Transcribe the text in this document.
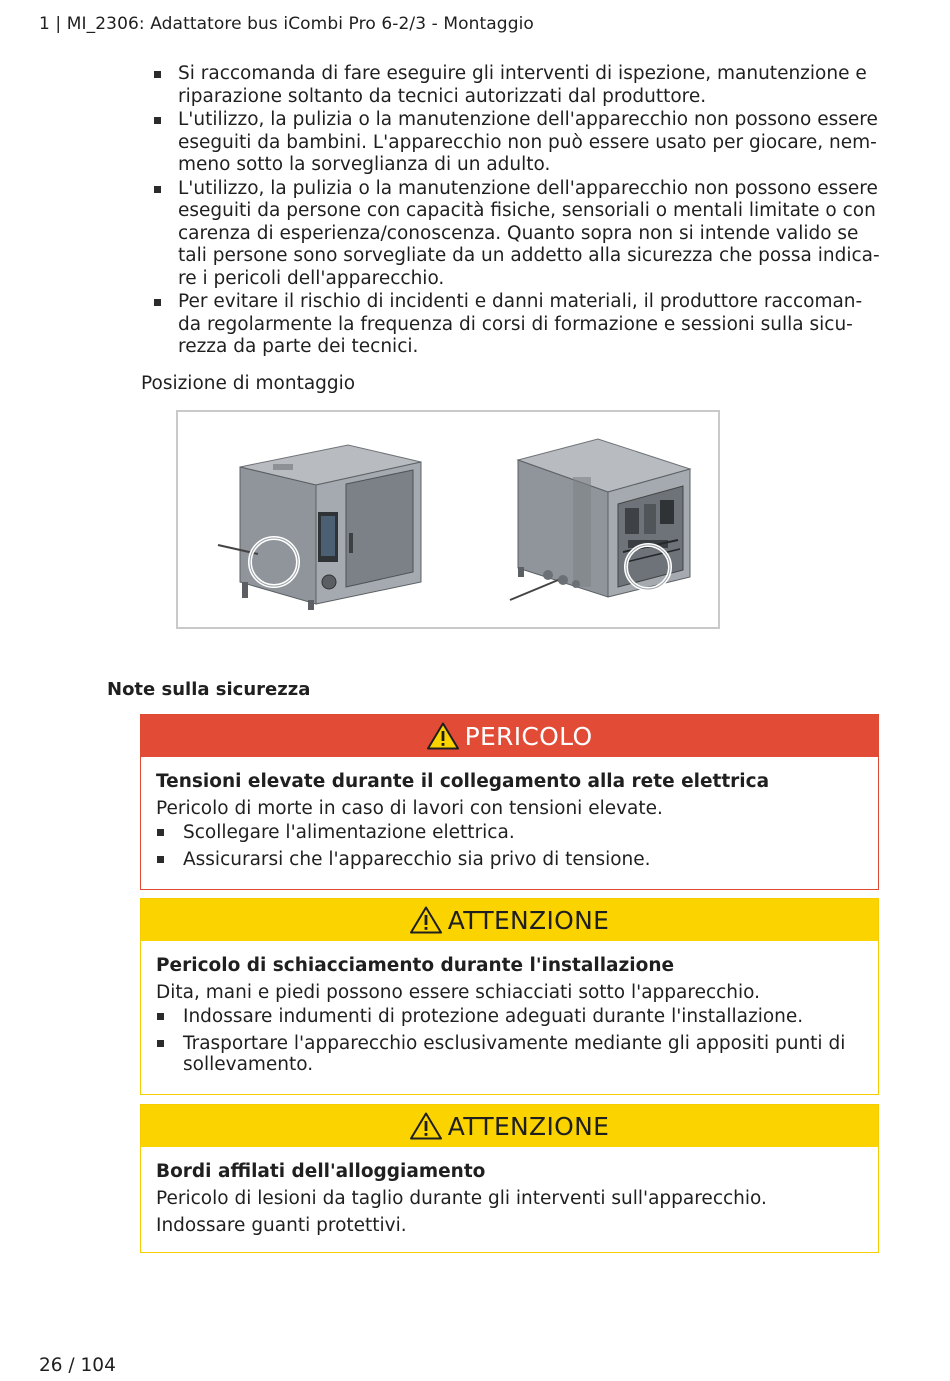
1 | MI_2306: Adattatore bus iCombi Pro 6-2/3 - Montaggio
Si raccomanda di fare eseguire gli interventi di ispezione, manutenzione e riparazione soltanto da tecnici autorizzati dal produttore.
L'utilizzo, la pulizia o la manutenzione dell'apparecchio non possono essere eseguiti da bambini. L'apparecchio non può essere usato per giocare, nem-meno sotto la sorveglianza di un adulto.
L'utilizzo, la pulizia o la manutenzione dell'apparecchio non possono essere eseguiti da persone con capacità fisiche, sensoriali o mentali limitate o con carenza di esperienza/conoscenza. Quanto sopra non si intende valido se tali persone sono sorvegliate da un addetto alla sicurezza che possa indica-re i pericoli dell'apparecchio.
Per evitare il rischio di incidenti e danni materiali, il produttore raccoman-da regolarmente la frequenza di corsi di formazione e sessioni sulla sicu-rezza da parte dei tecnici.
Posizione di montaggio
Note sulla sicurezza
PERICOLO
Tensioni elevate durante il collegamento alla rete elettrica
Pericolo di morte in caso di lavori con tensioni elevate.
Scollegare l'alimentazione elettrica.
Assicurarsi che l'apparecchio sia privo di tensione.
ATTENZIONE
Pericolo di schiacciamento durante l'installazione
Dita, mani e piedi possono essere schiacciati sotto l'apparecchio.
Indossare indumenti di protezione adeguati durante l'installazione.
Trasportare l'apparecchio esclusivamente mediante gli appositi punti di sollevamento.
ATTENZIONE
Bordi affilati dell'alloggiamento
Pericolo di lesioni da taglio durante gli interventi sull'apparecchio.
Indossare guanti protettivi.
26 / 104
